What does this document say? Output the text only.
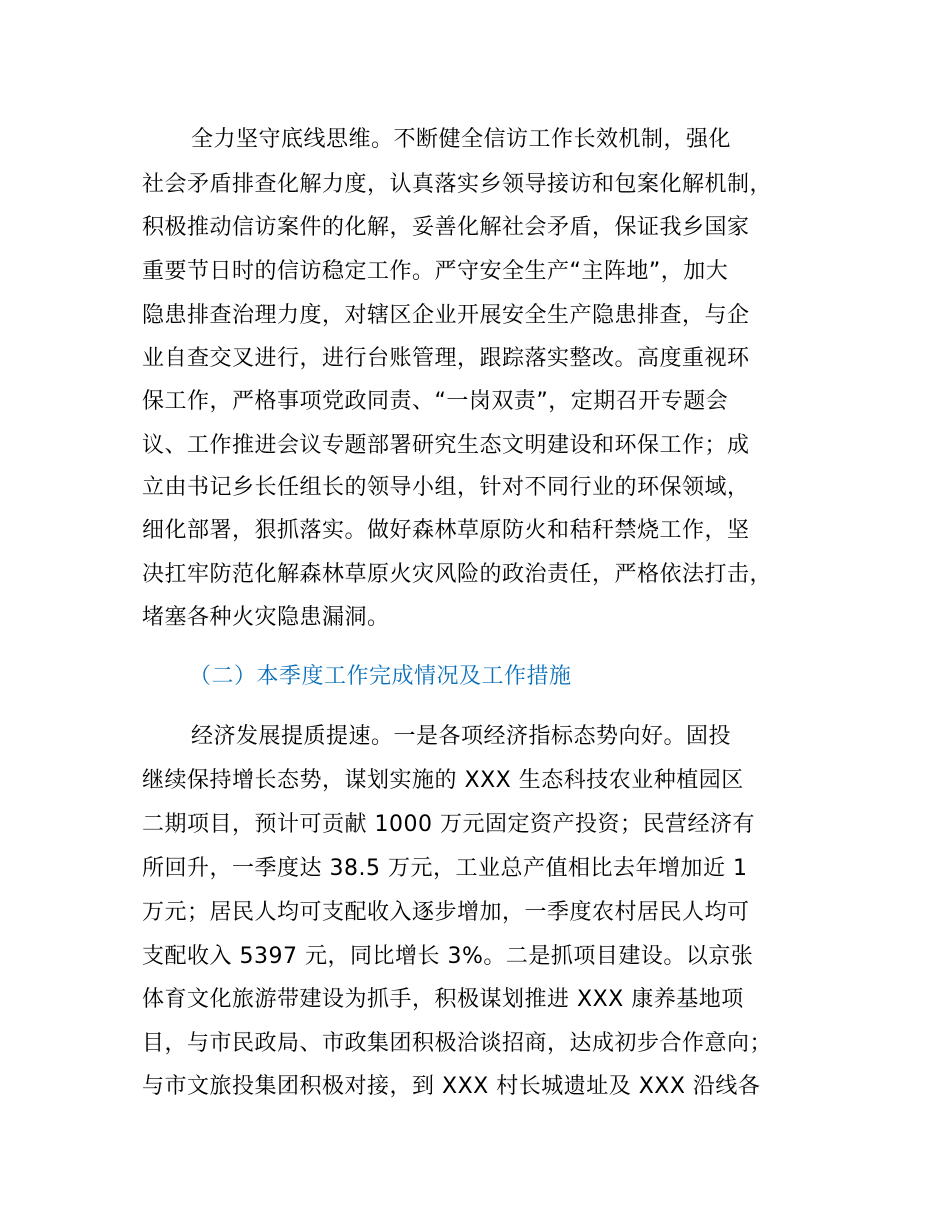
全力坚守底线思维。不断健全信访工作长效机制，强化
社会矛盾排查化解力度，认真落实乡领导接访和包案化解机制，
积极推动信访案件的化解，妥善化解社会矛盾，保证我乡国家
重要节日时的信访稳定工作。严守安全生产“主阵地”，加大
隐患排查治理力度，对辖区企业开展安全生产隐患排查，与企
业自查交叉进行，进行台账管理，跟踪落实整改。高度重视环
保工作，严格事项党政同责、“一岗双责”，定期召开专题会
议、工作推进会议专题部署研究生态文明建设和环保工作；成
立由书记乡长任组长的领导小组，针对不同行业的环保领域，
细化部署，狠抓落实。做好森林草原防火和秸秆禁烧工作，坚
决扛牢防范化解森林草原火灾风险的政治责任，严格依法打击，
堵塞各种火灾隐患漏洞。
（二）本季度工作完成情况及工作措施
经济发展提质提速。一是各项经济指标态势向好。固投
继续保持增长态势，谋划实施的 XXX 生态科技农业种植园区
二期项目，预计可贡献 1000 万元固定资产投资；民营经济有
所回升，一季度达 38.5 万元，工业总产值相比去年增加近 1
万元；居民人均可支配收入逐步增加，一季度农村居民人均可
支配收入 5397 元，同比增长 3%。二是抓项目建设。以京张
体育文化旅游带建设为抓手，积极谋划推进 XXX 康养基地项
目，与市民政局、市政集团积极洽谈招商，达成初步合作意向；
与市文旅投集团积极对接，到 XXX 村长城遗址及 XXX 沿线各
